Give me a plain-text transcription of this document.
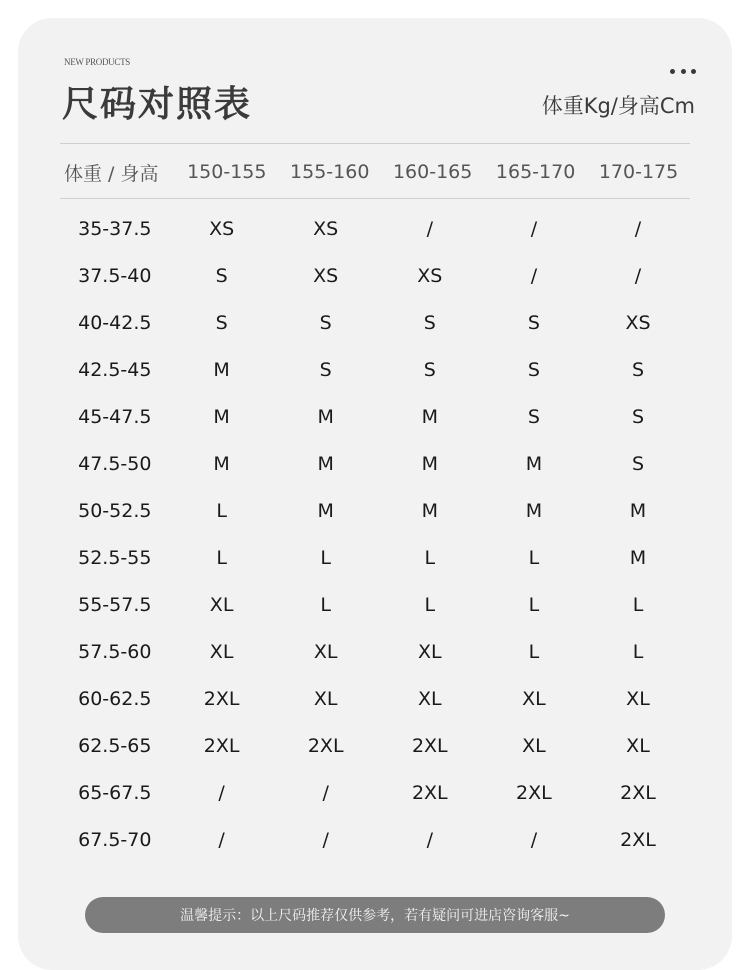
NEW PRODUCTS
尺码对照表	体重Kg/身高Cm
体重 / 身高	150-155	155-160	160-165	165-170	170-175
35-37.5	XS	XS	/	/	/
37.5-40	S	XS	XS	/	/
40-42.5	S	S	S	S	XS
42.5-45	M	S	S	S	S
45-47.5	M	M	M	S	S
47.5-50	M	M	M	M	S
50-52.5	L	M	M	M	M
52.5-55	L	L	L	L	M
55-57.5	XL	L	L	L	L
57.5-60	XL	XL	XL	L	L
60-62.5	2XL	XL	XL	XL	XL
62.5-65	2XL	2XL	2XL	XL	XL
65-67.5	/	/	2XL	2XL	2XL
67.5-70	/	/	/	/	2XL
温馨提示：以上尺码推荐仅供参考，若有疑问可进店咨询客服~
